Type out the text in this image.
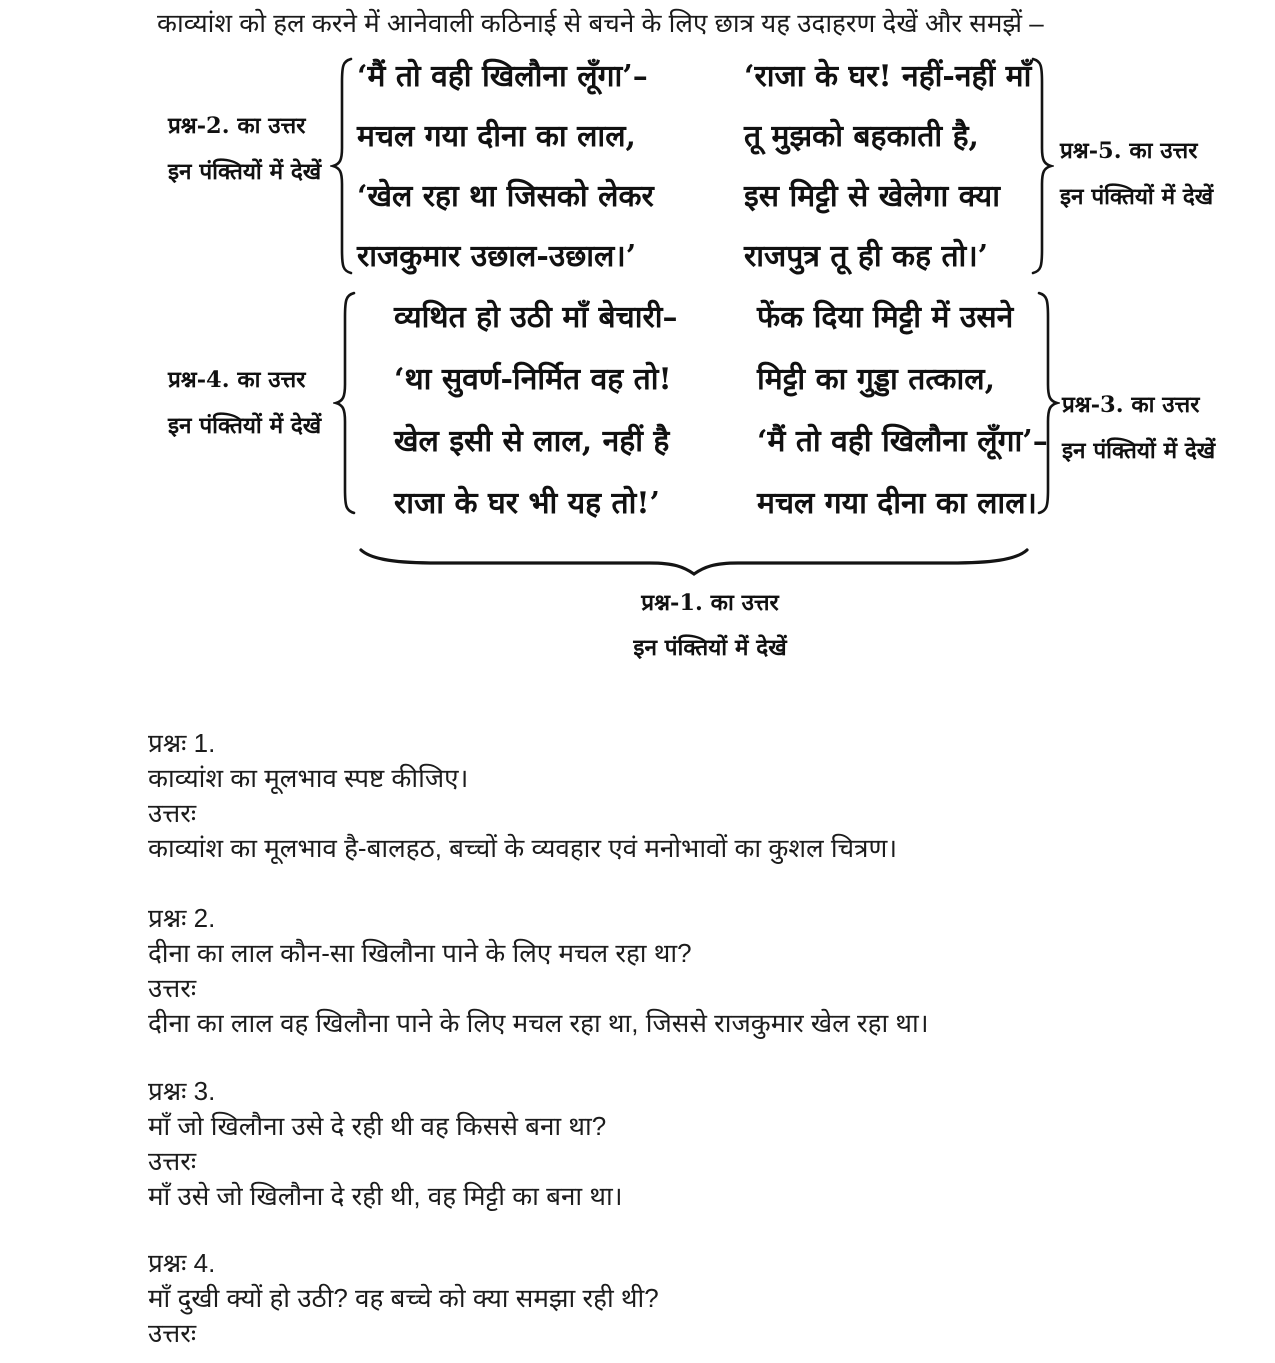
काव्यांश को हल करने में आनेवाली कठिनाई से बचने के लिए छात्र यह उदाहरण देखें और समझें –

प्रश्न-2. का उत्तर
इन पंक्तियों में देखें
‘मैं तो वही खिलौना लूँगा’–
मचल गया दीना का लाल,
‘खेल रहा था जिसको लेकर
राजकुमार उछाल-उछाल।’
‘राजा के घर! नहीं-नहीं माँ
तू मुझको बहकाती है,
इस मिट्टी से खेलेगा क्या
राजपुत्र तू ही कह तो।’
प्रश्न-5. का उत्तर
इन पंक्तियों में देखें
प्रश्न-4. का उत्तर
इन पंक्तियों में देखें
व्यथित हो उठी माँ बेचारी–
‘था सुवर्ण-निर्मित वह तो!
खेल इसी से लाल, नहीं है
राजा के घर भी यह तो!’
फेंक दिया मिट्टी में उसने
मिट्टी का गुड्डा तत्काल,
‘मैं तो वही खिलौना लूँगा’–
मचल गया दीना का लाल।
प्रश्न-3. का उत्तर
इन पंक्तियों में देखें
प्रश्न-1. का उत्तर
इन पंक्तियों में देखें
प्रश्नः 1.
काव्यांश का मूलभाव स्पष्ट कीजिए।
उत्तरः
काव्यांश का मूलभाव है-बालहठ, बच्चों के व्यवहार एवं मनोभावों का कुशल चित्रण।
प्रश्नः 2.
दीना का लाल कौन-सा खिलौना पाने के लिए मचल रहा था?
उत्तरः
दीना का लाल वह खिलौना पाने के लिए मचल रहा था, जिससे राजकुमार खेल रहा था।
प्रश्नः 3.
माँ जो खिलौना उसे दे रही थी वह किससे बना था?
उत्तरः
माँ उसे जो खिलौना दे रही थी, वह मिट्टी का बना था।
प्रश्नः 4.
माँ दुखी क्यों हो उठी? वह बच्चे को क्या समझा रही थी?
उत्तरः
